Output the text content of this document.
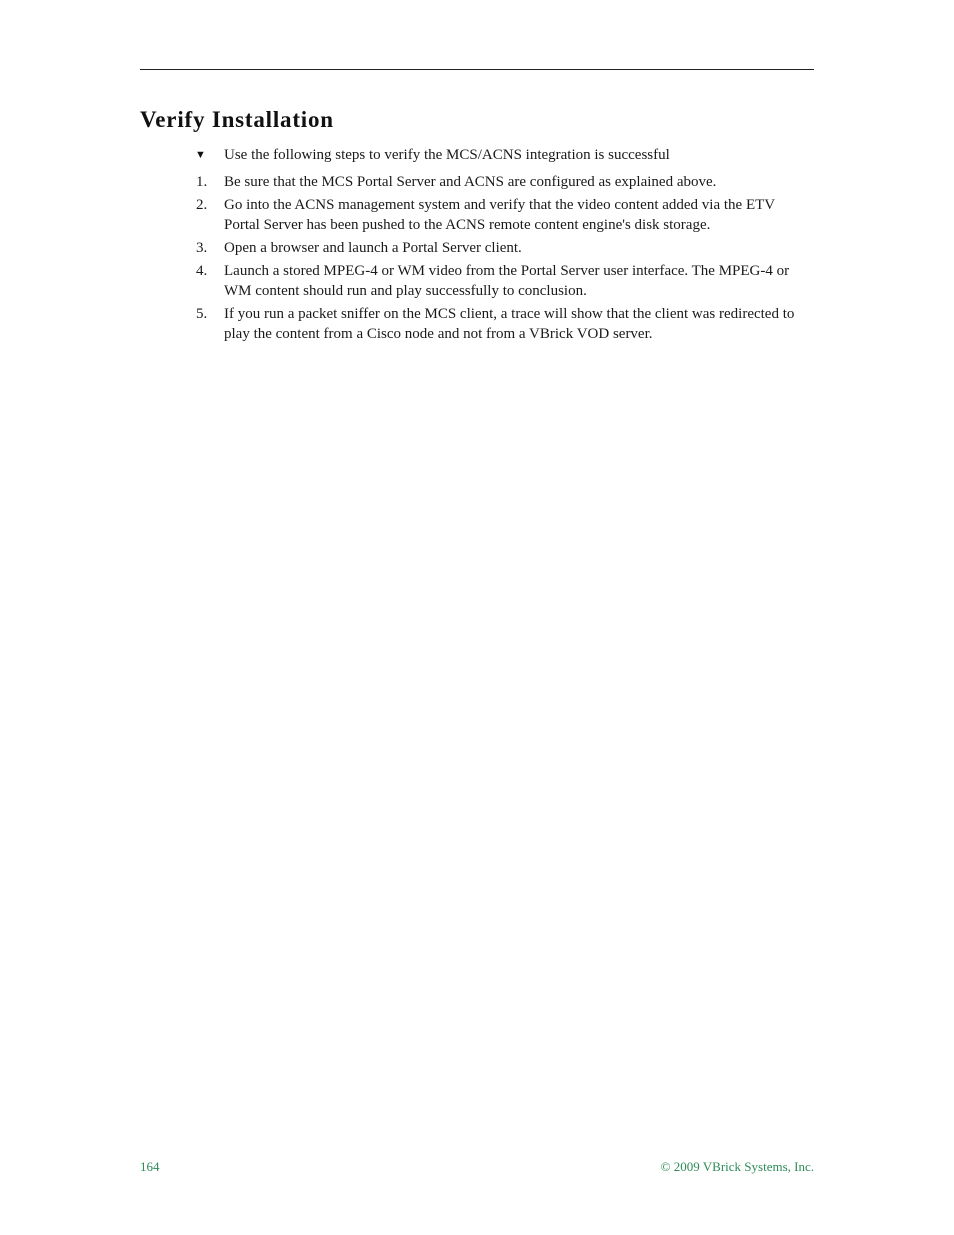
Verify Installation
▼ Use the following steps to verify the MCS/ACNS integration is successful
1. Be sure that the MCS Portal Server and ACNS are configured as explained above.
2. Go into the ACNS management system and verify that the video content added via the ETV Portal Server has been pushed to the ACNS remote content engine's disk storage.
3. Open a browser and launch a Portal Server client.
4. Launch a stored MPEG-4 or WM video from the Portal Server user interface. The MPEG-4 or WM content should run and play successfully to conclusion.
5. If you run a packet sniffer on the MCS client, a trace will show that the client was redirected to play the content from a Cisco node and not from a VBrick VOD server.
164	© 2009 VBrick Systems, Inc.
